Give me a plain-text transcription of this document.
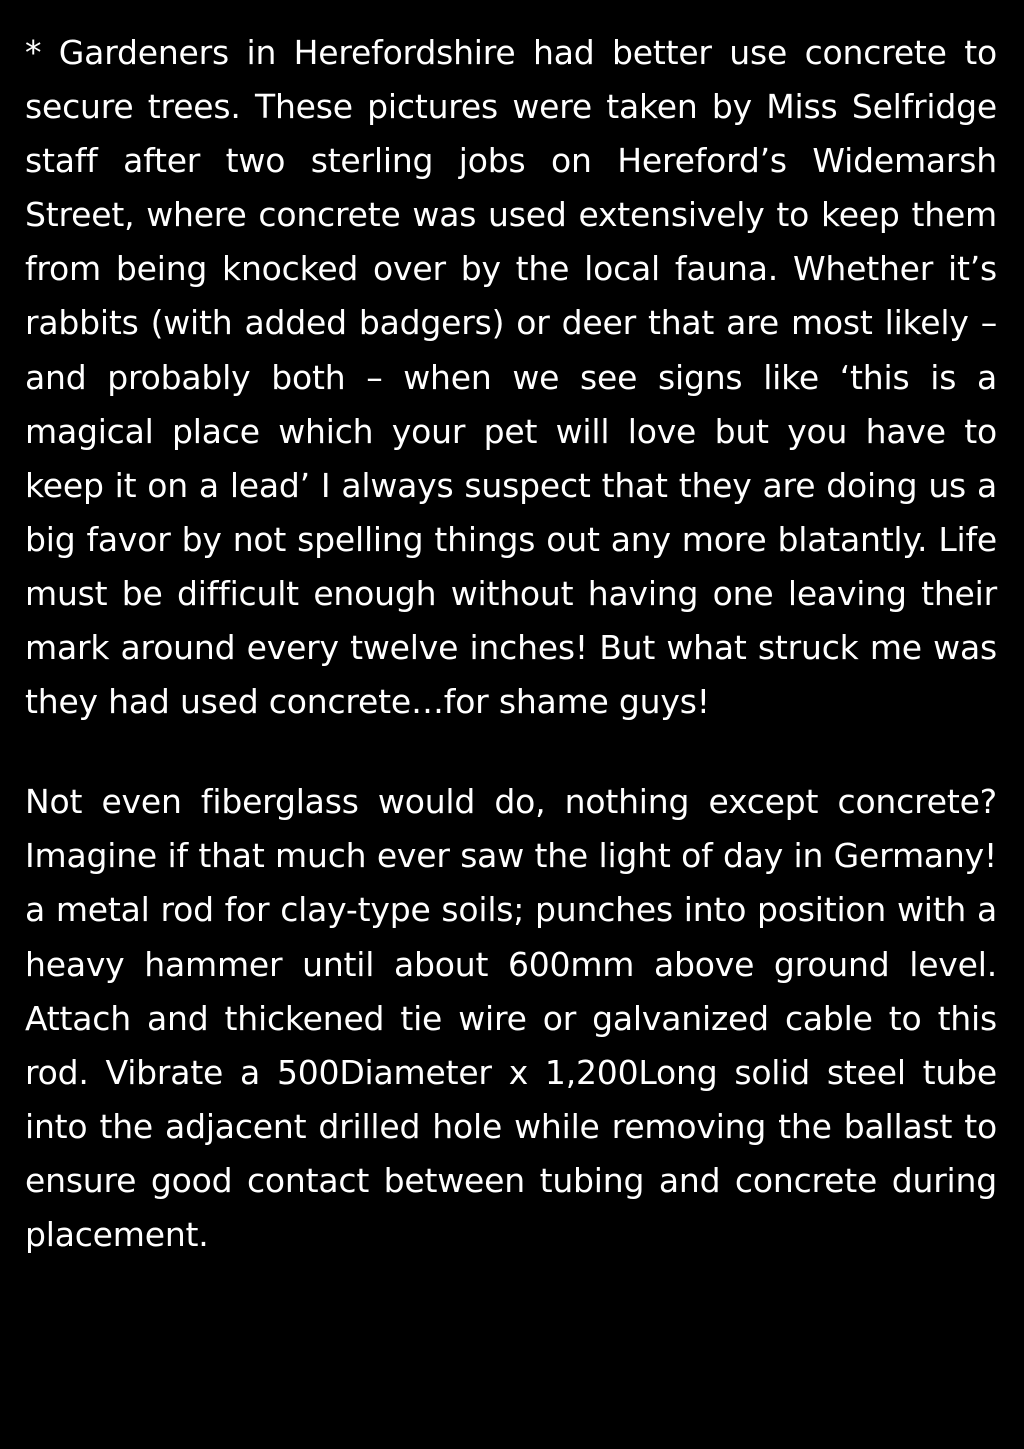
* Gardeners in Herefordshire had better use concrete to secure trees. These pictures were taken by Miss Selfridge staff after two sterling jobs on Hereford’s Widemarsh Street, where concrete was used extensively to keep them from being knocked over by the local fauna. Whether it’s rabbits (with added badgers) or deer that are most likely – and probably both – when we see signs like ‘this is a magical place which your pet will love but you have to keep it on a lead’ I always suspect that they are doing us a big favor by not spelling things out any more blatantly. Life must be difficult enough without having one leaving their mark around every twelve inches! But what struck me was they had used concrete…for shame guys!

Not even fiberglass would do, nothing except concrete? Imagine if that much ever saw the light of day in Germany! a metal rod for clay-type soils; punches into position with a heavy hammer until about 600mm above ground level. Attach and thickened tie wire or galvanized cable to this rod. Vibrate a 500Diameter x 1,200Long solid steel tube into the adjacent drilled hole while removing the ballast to ensure good contact between tubing and concrete during placement.
